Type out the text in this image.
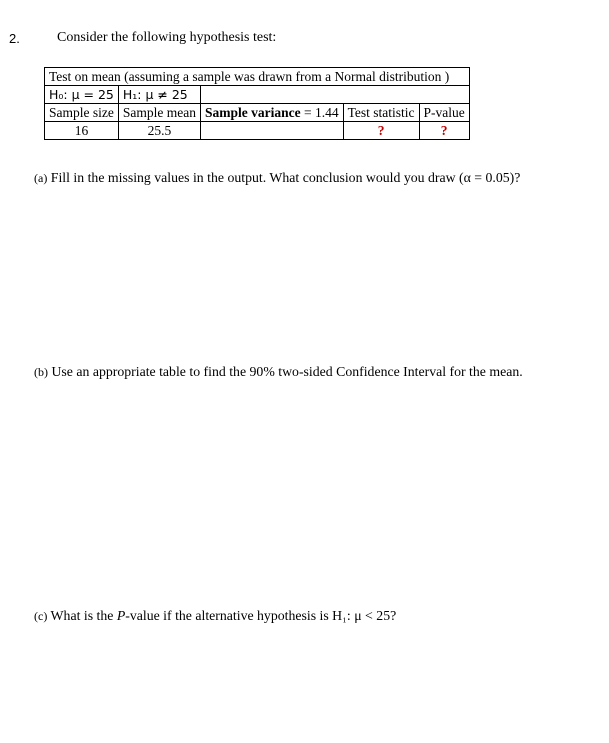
2.	Consider the following hypothesis test:
Test on mean (assuming a sample was drawn from a Normal distribution )				
H₀: μ = 25	H₁: μ ≠ 25			
Sample size	Sample mean	Sample variance = 1.44	Test statistic	P-value
16	25.5		?	?
(a) Fill in the missing values in the output. What conclusion would you draw (α = 0.05)?
(b) Use an appropriate table to find the 90% two-sided Confidence Interval for the mean.
(c) What is the P-value if the alternative hypothesis is H₁: μ < 25?
